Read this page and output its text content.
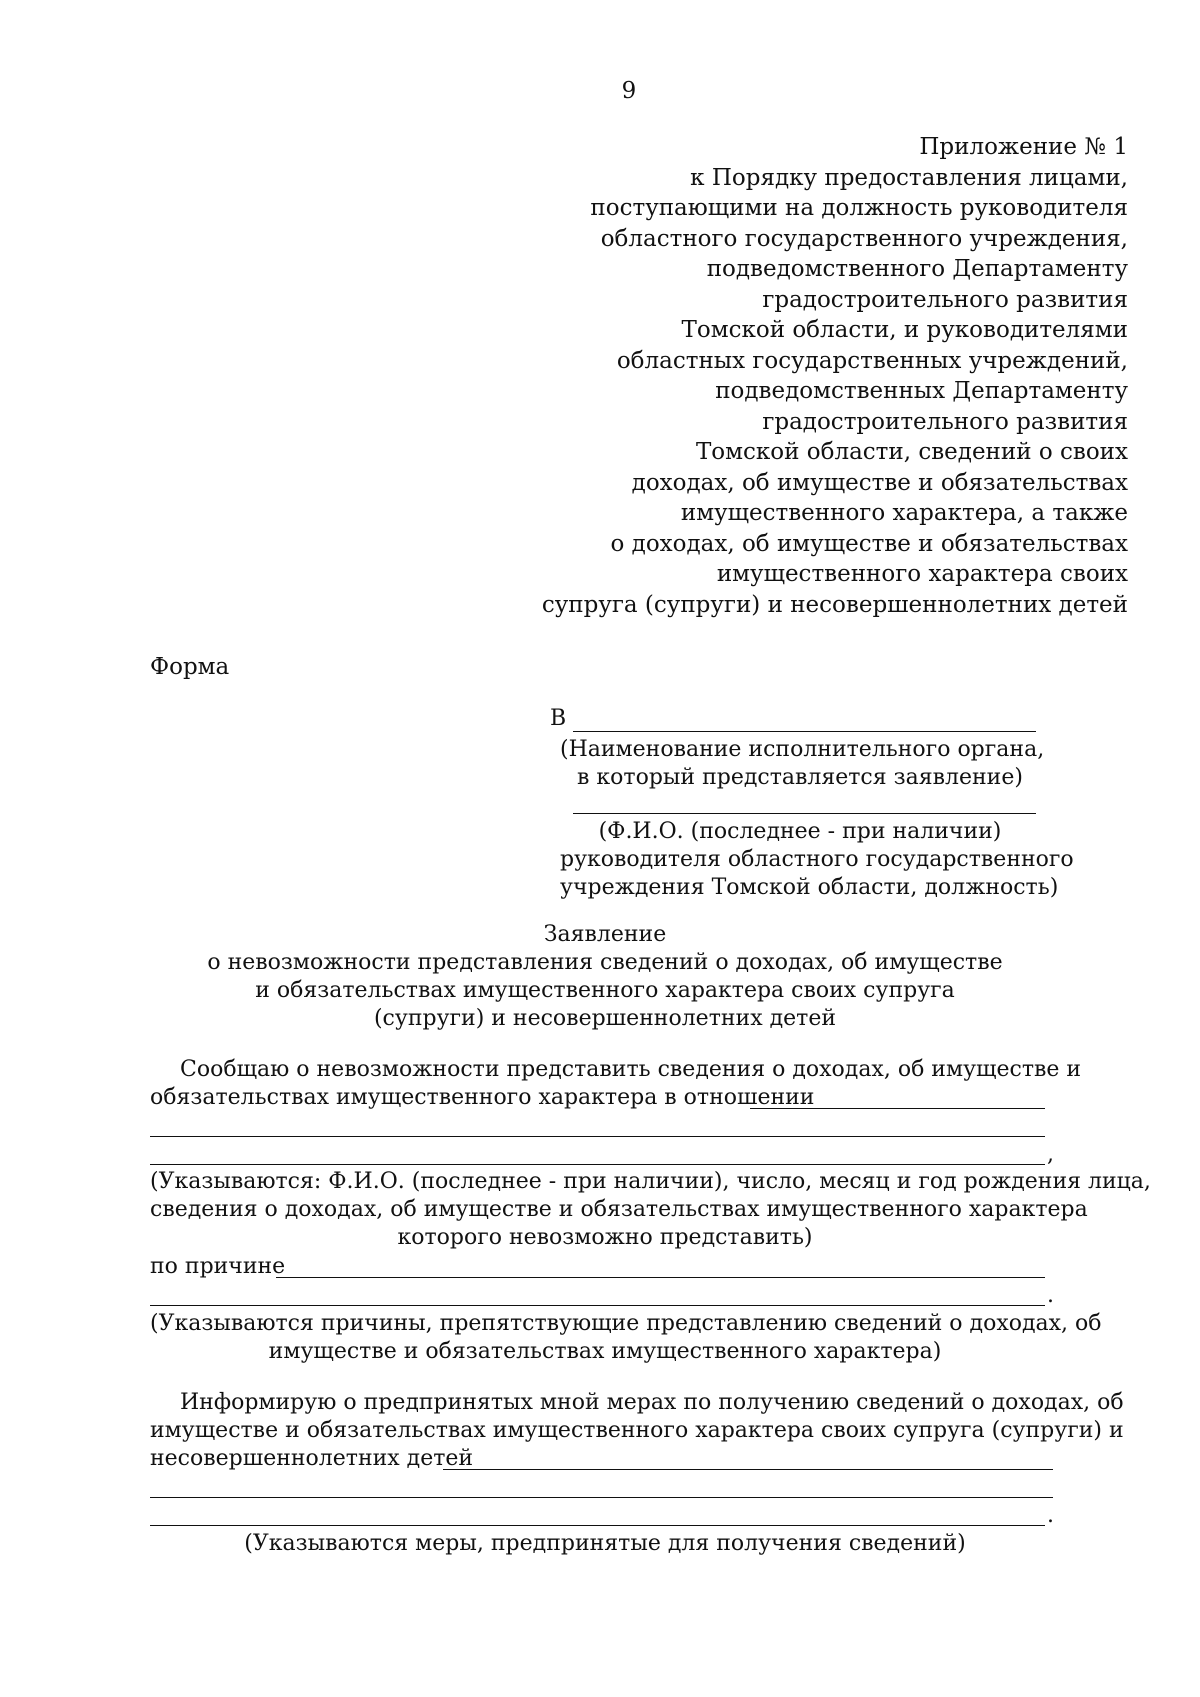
9
Приложение № 1
к Порядку предоставления лицами,
поступающими на должность руководителя
областного государственного учреждения,
подведомственного Департаменту
градостроительного развития
Томской области, и руководителями
областных государственных учреждений,
подведомственных Департаменту
градостроительного развития
Томской области, сведений о своих
доходах, об имуществе и обязательствах
имущественного характера, а также
о доходах, об имуществе и обязательствах
имущественного характера своих
супруга (супруги) и несовершеннолетних детей
Форма
В
(Наименование исполнительного органа,
в который представляется заявление)
(Ф.И.О. (последнее - при наличии)
руководителя областного государственного
учреждения Томской области, должность)
Заявление
о невозможности представления сведений о доходах, об имуществе
и обязательствах имущественного характера своих супруга
(супруги) и несовершеннолетних детей
Сообщаю о невозможности представить сведения о доходах, об имуществе и
обязательствах имущественного характера в отношении
,
(Указываются: Ф.И.О. (последнее - при наличии), число, месяц и год рождения лица,
сведения о доходах, об имуществе и обязательствах имущественного характера
которого невозможно представить)
по причине
.
(Указываются причины, препятствующие представлению сведений о доходах, об
имуществе и обязательствах имущественного характера)
Информирую о предпринятых мной мерах по получению сведений о доходах, об
имуществе и обязательствах имущественного характера своих супруга (супруги) и
несовершеннолетних детей
.
(Указываются меры, предпринятые для получения сведений)
